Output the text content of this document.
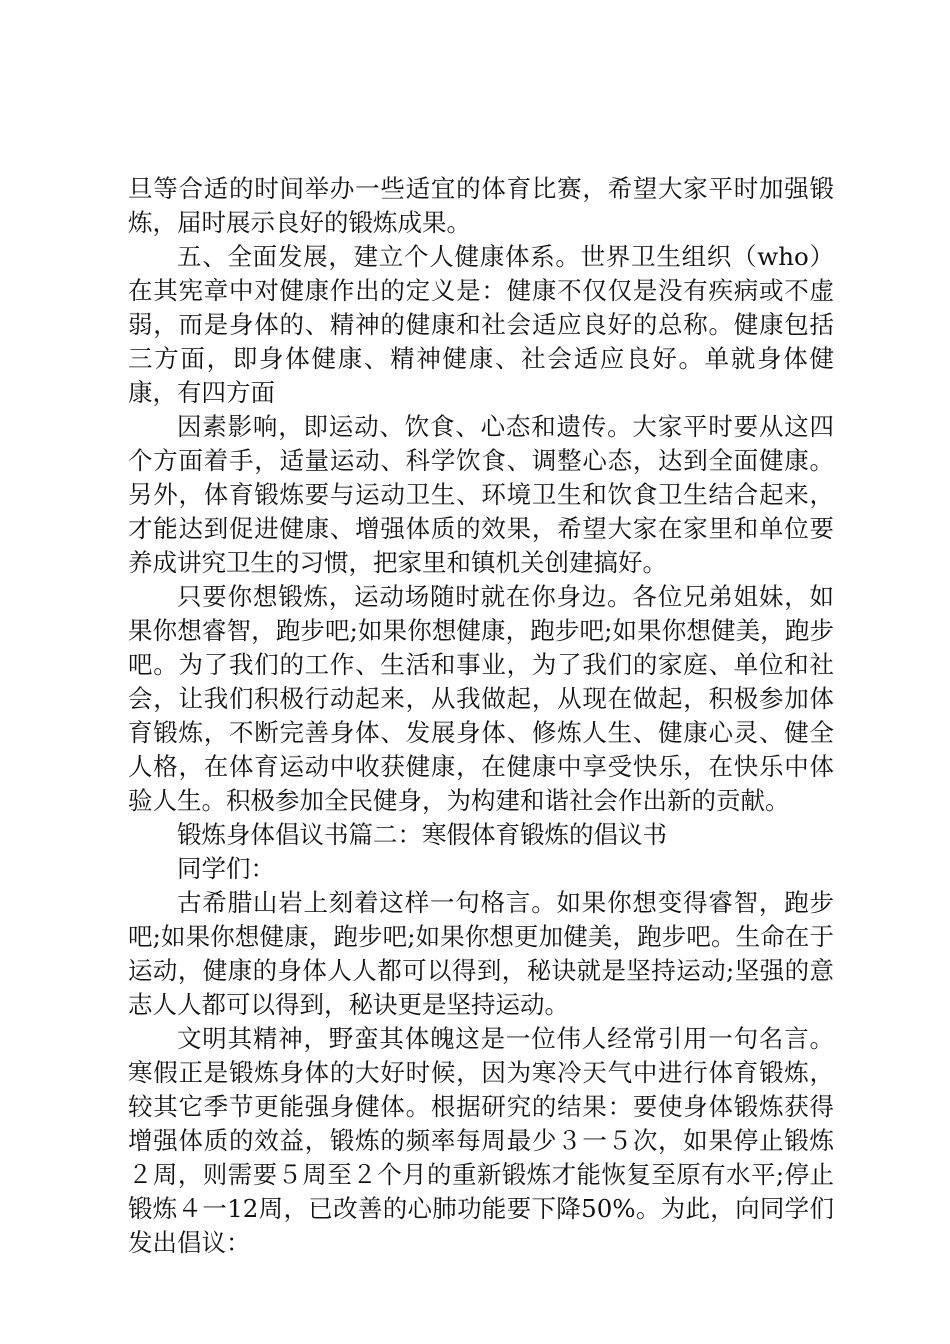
旦等合适的时间举办一些适宜的体育比赛，希望大家平时加强锻炼，届时展示良好的锻炼成果。

五、全面发展，建立个人健康体系。世界卫生组织（who）在其宪章中对健康作出的定义是：健康不仅仅是没有疾病或不虚弱，而是身体的、精神的健康和社会适应良好的总称。健康包括三方面，即身体健康、精神健康、社会适应良好。单就身体健康，有四方面

因素影响，即运动、饮食、心态和遗传。大家平时要从这四个方面着手，适量运动、科学饮食、调整心态，达到全面健康。另外，体育锻炼要与运动卫生、环境卫生和饮食卫生结合起来，才能达到促进健康、增强体质的效果，希望大家在家里和单位要养成讲究卫生的习惯，把家里和镇机关创建搞好。

只要你想锻炼，运动场随时就在你身边。各位兄弟姐妹，如果你想睿智，跑步吧;如果你想健康，跑步吧;如果你想健美，跑步吧。为了我们的工作、生活和事业，为了我们的家庭、单位和社会，让我们积极行动起来，从我做起，从现在做起，积极参加体育锻炼，不断完善身体、发展身体、修炼人生、健康心灵、健全人格，在体育运动中收获健康，在健康中享受快乐，在快乐中体验人生。积极参加全民健身，为构建和谐社会作出新的贡献。

锻炼身体倡议书篇二：寒假体育锻炼的倡议书

同学们：

古希腊山岩上刻着这样一句格言。如果你想变得睿智，跑步吧;如果你想健康，跑步吧;如果你想更加健美，跑步吧。生命在于运动，健康的身体人人都可以得到，秘诀就是坚持运动;坚强的意志人人都可以得到，秘诀更是坚持运动。

文明其精神，野蛮其体魄这是一位伟人经常引用一句名言。寒假正是锻炼身体的大好时候，因为寒冷天气中进行体育锻炼，较其它季节更能强身健体。根据研究的结果：要使身体锻炼获得增强体质的效益，锻炼的频率每周最少３一５次，如果停止锻炼２周，则需要５周至２个月的重新锻炼才能恢复至原有水平;停止锻炼４一12周，已改善的心肺功能要下降50%。为此，向同学们发出倡议：
